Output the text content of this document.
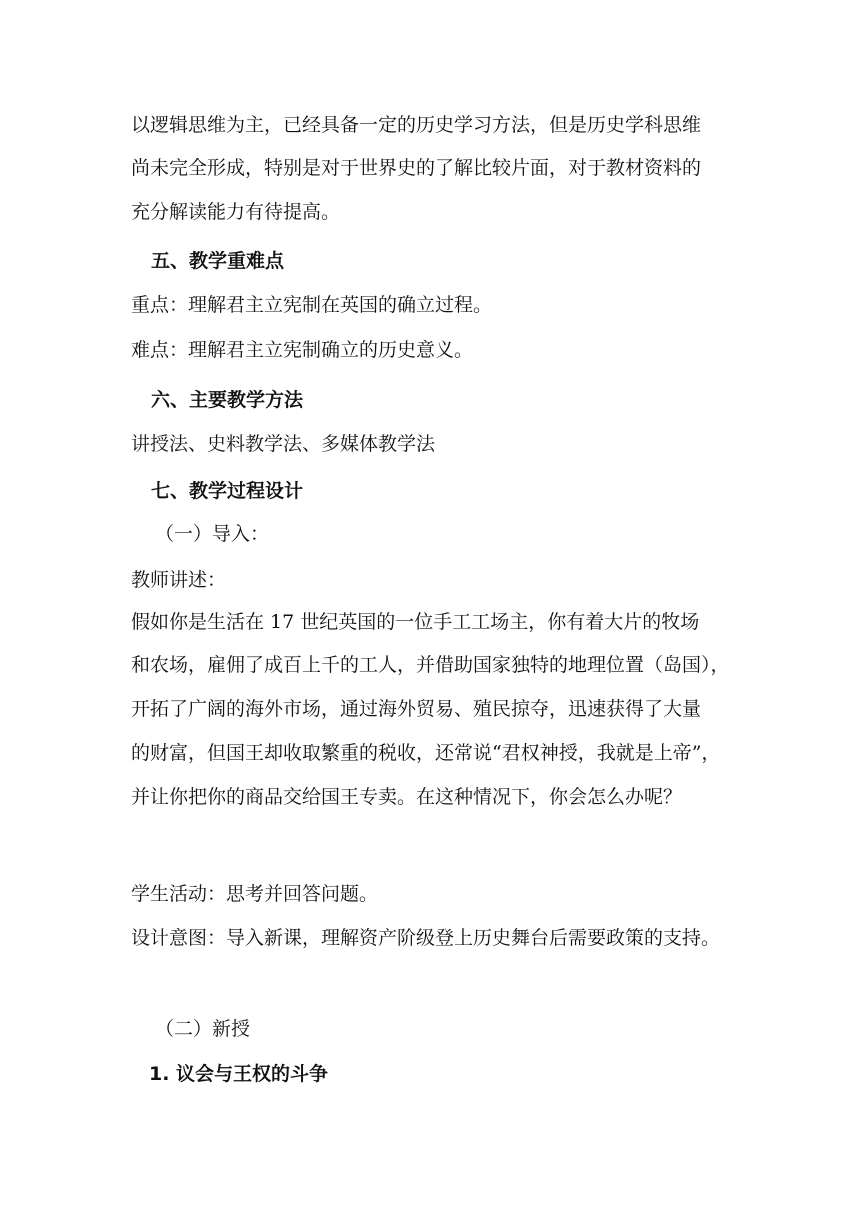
以逻辑思维为主，已经具备一定的历史学习方法，但是历史学科思维
尚未完全形成，特别是对于世界史的了解比较片面，对于教材资料的
充分解读能力有待提高。
五、教学重难点
重点：理解君主立宪制在英国的确立过程。
难点：理解君主立宪制确立的历史意义。
六、主要教学方法
讲授法、史料教学法、多媒体教学法
七、教学过程设计
（一）导入：
教师讲述：
假如你是生活在 17 世纪英国的一位手工工场主，你有着大片的牧场
和农场，雇佣了成百上千的工人，并借助国家独特的地理位置（岛国），
开拓了广阔的海外市场，通过海外贸易、殖民掠夺，迅速获得了大量
的财富，但国王却收取繁重的税收，还常说“君权神授，我就是上帝”，
并让你把你的商品交给国王专卖。在这种情况下，你会怎么办呢？
学生活动：思考并回答问题。
设计意图：导入新课，理解资产阶级登上历史舞台后需要政策的支持。
（二）新授
1. 议会与王权的斗争
